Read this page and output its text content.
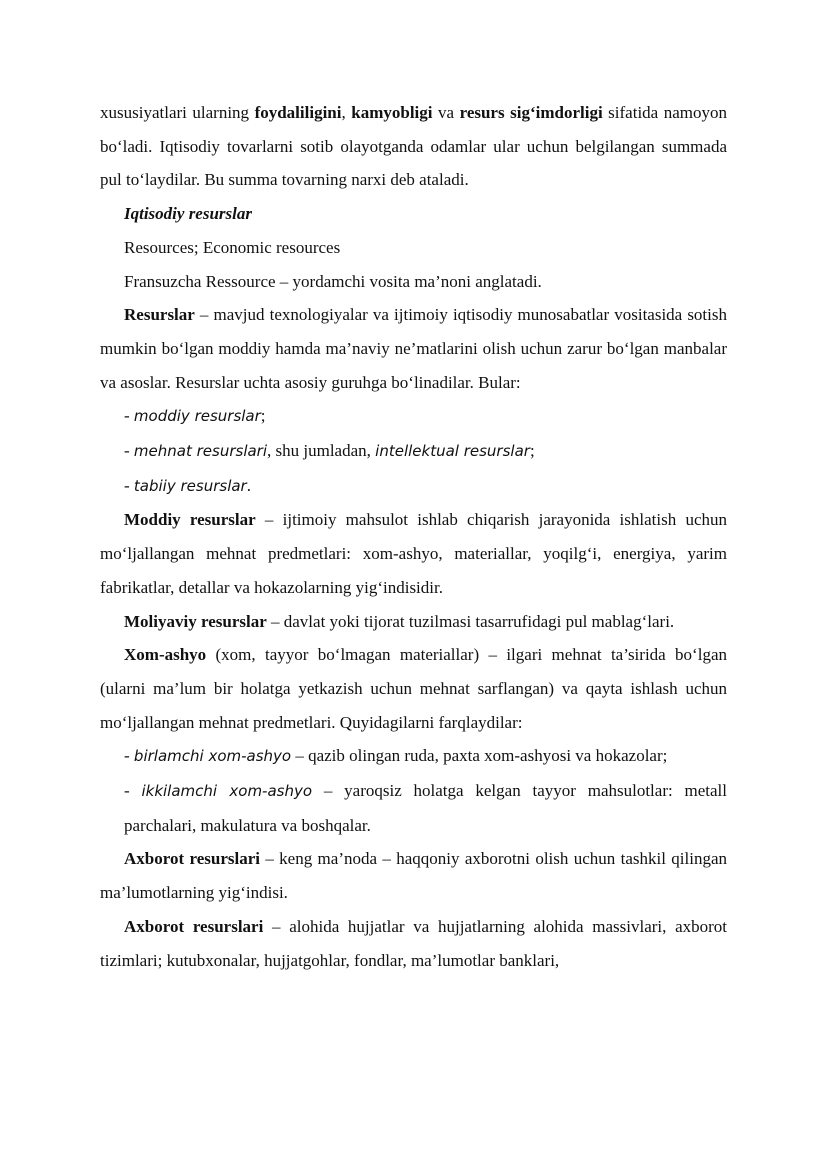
xususiyatlari ularning foydaliligini, kamyobligi va resurs sig‘imdorligi sifatida namoyon bo‘ladi. Iqtisodiy tovarlarni sotib olayotganda odamlar ular uchun belgilangan summada pul to‘laydilar. Bu summa tovarning narxi deb ataladi.

Iqtisodiy resurslar

Resources; Economic resources

Fransuzcha Ressource – yordamchi vosita ma’noni anglatadi.

Resurslar – mavjud texnologiyalar va ijtimoiy iqtisodiy munosabatlar vositasida sotish mumkin bo‘lgan moddiy hamda ma’naviy ne’matlarini olish uchun zarur bo‘lgan manbalar va asoslar. Resurslar uchta asosiy guruhga bo‘linadilar. Bular:

- moddiy resurslar;

- mehnat resurslari, shu jumladan, intellektual resurslar;

- tabiiy resurslar.

Moddiy resurslar – ijtimoiy mahsulot ishlab chiqarish jarayonida ishlatish uchun mo‘ljallangan mehnat predmetlari: xom-ashyo, materiallar, yoqilg‘i, energiya, yarim fabrikatlar, detallar va hokazolarning yig‘indisidir.

Moliyaviy resurslar – davlat yoki tijorat tuzilmasi tasarrufidagi pul mablag‘lari.

Xom-ashyo (xom, tayyor bo‘lmagan materiallar) – ilgari mehnat ta’sirida bo‘lgan (ularni ma’lum bir holatga yetkazish uchun mehnat sarflangan) va qayta ishlash uchun mo‘ljallangan mehnat predmetlari. Quyidagilarni farqlaydilar:

- birlamchi xom-ashyo – qazib olingan ruda, paxta xom-ashyosi va hokazolar;

- ikkilamchi xom-ashyo – yaroqsiz holatga kelgan tayyor mahsulotlar: metall parchalari, makulatura va boshqalar.

Axborot resurslari – keng ma’noda – haqqoniy axborotni olish uchun tashkil qilingan ma’lumotlarning yig‘indisi.

Axborot resurslari – alohida hujjatlar va hujjatlarning alohida massivlari, axborot tizimlari; kutubxonalar, hujjatgohlar, fondlar, ma’lumotlar banklari,
